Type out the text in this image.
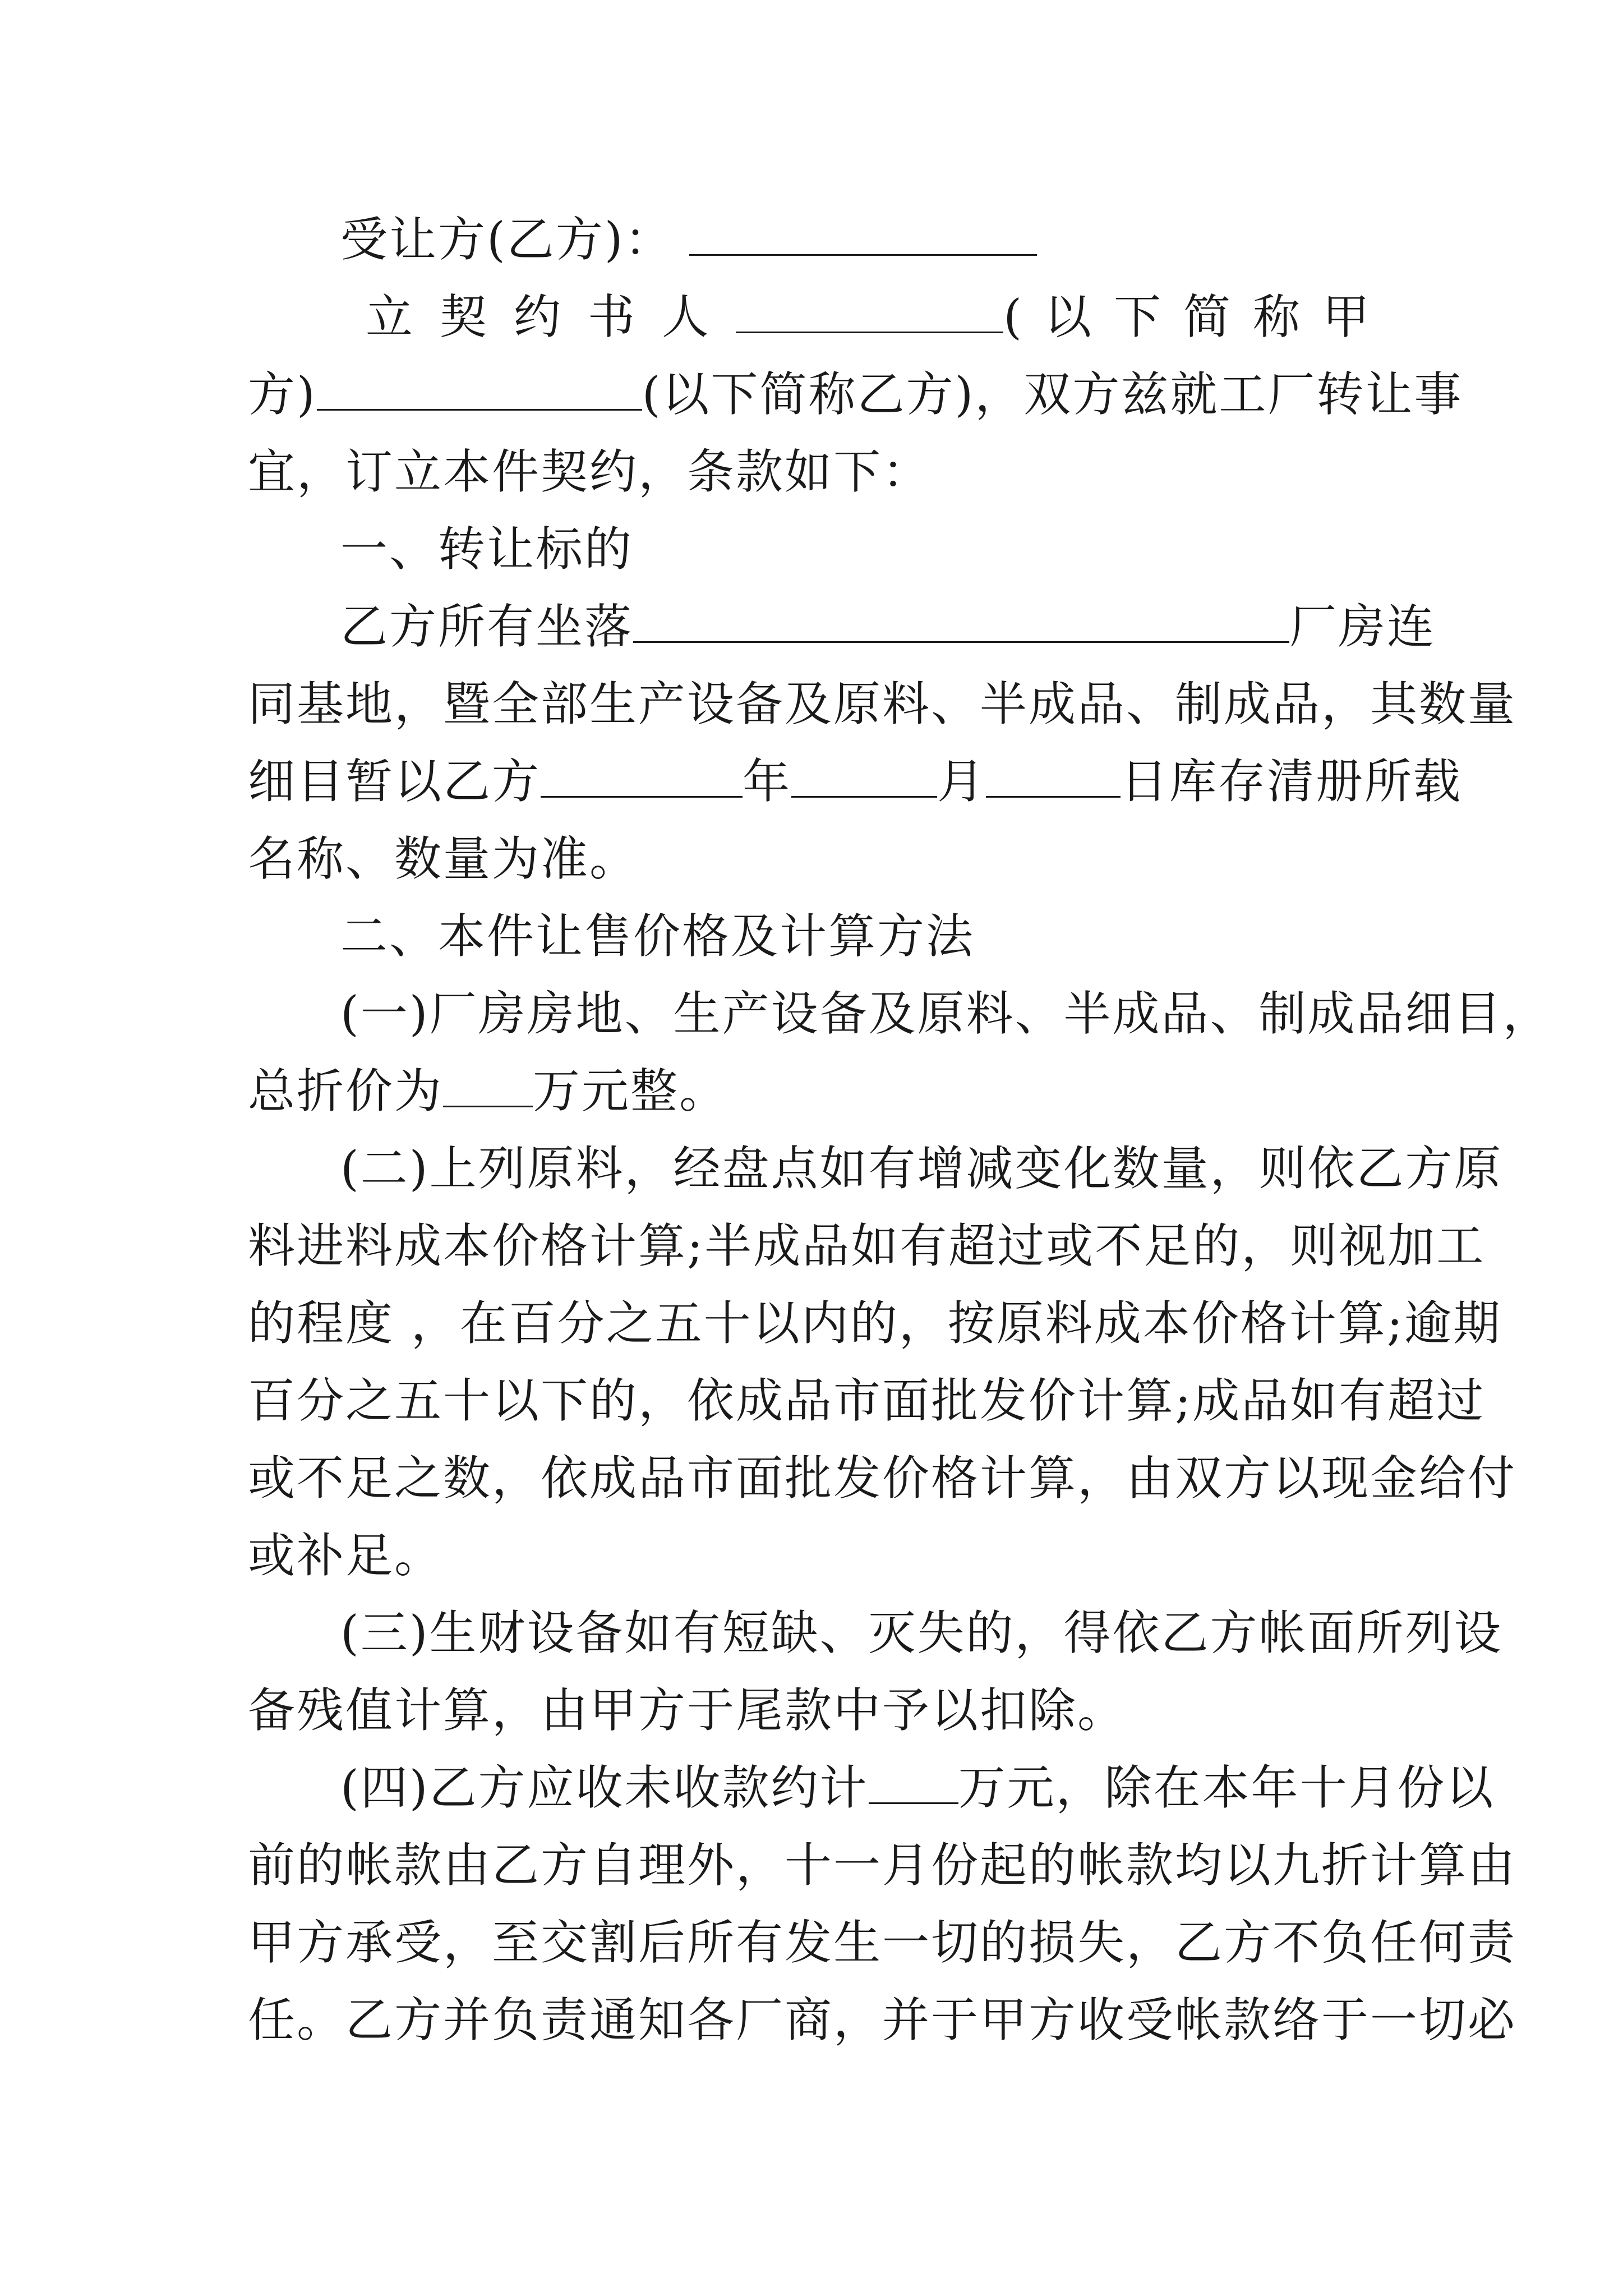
受让方(乙方)：
立契约书人	(以下简称甲
方)	(以下简称乙方)，双方兹就工厂转让事
宜，订立本件契约，条款如下：
一、转让标的
乙方所有坐落	厂房连
同基地，暨全部生产设备及原料、半成品、制成品，其数量
细目暂以乙方	年	月	日库存清册所载
名称、数量为准。
二、本件让售价格及计算方法
(一)厂房房地、生产设备及原料、半成品、制成品细目，
总折价为 万元整。
(二)上列原料，经盘点如有增减变化数量，则依乙方原
料进料成本价格计算;半成品如有超过或不足的，则视加工
的程度 ，在百分之五十以内的，按原料成本价格计算;逾期
百分之五十以下的，依成品市面批发价计算;成品如有超过
或不足之数，依成品市面批发价格计算，由双方以现金给付
或补足。
(三)生财设备如有短缺、灭失的，得依乙方帐面所列设
备残值计算，由甲方于尾款中予以扣除。
(四)乙方应收未收款约计 万元，除在本年十月份以
前的帐款由乙方自理外，十一月份起的帐款均以九折计算由
甲方承受，至交割后所有发生一切的损失，乙方不负任何责
任。乙方并负责通知各厂商，并于甲方收受帐款络于一切必
